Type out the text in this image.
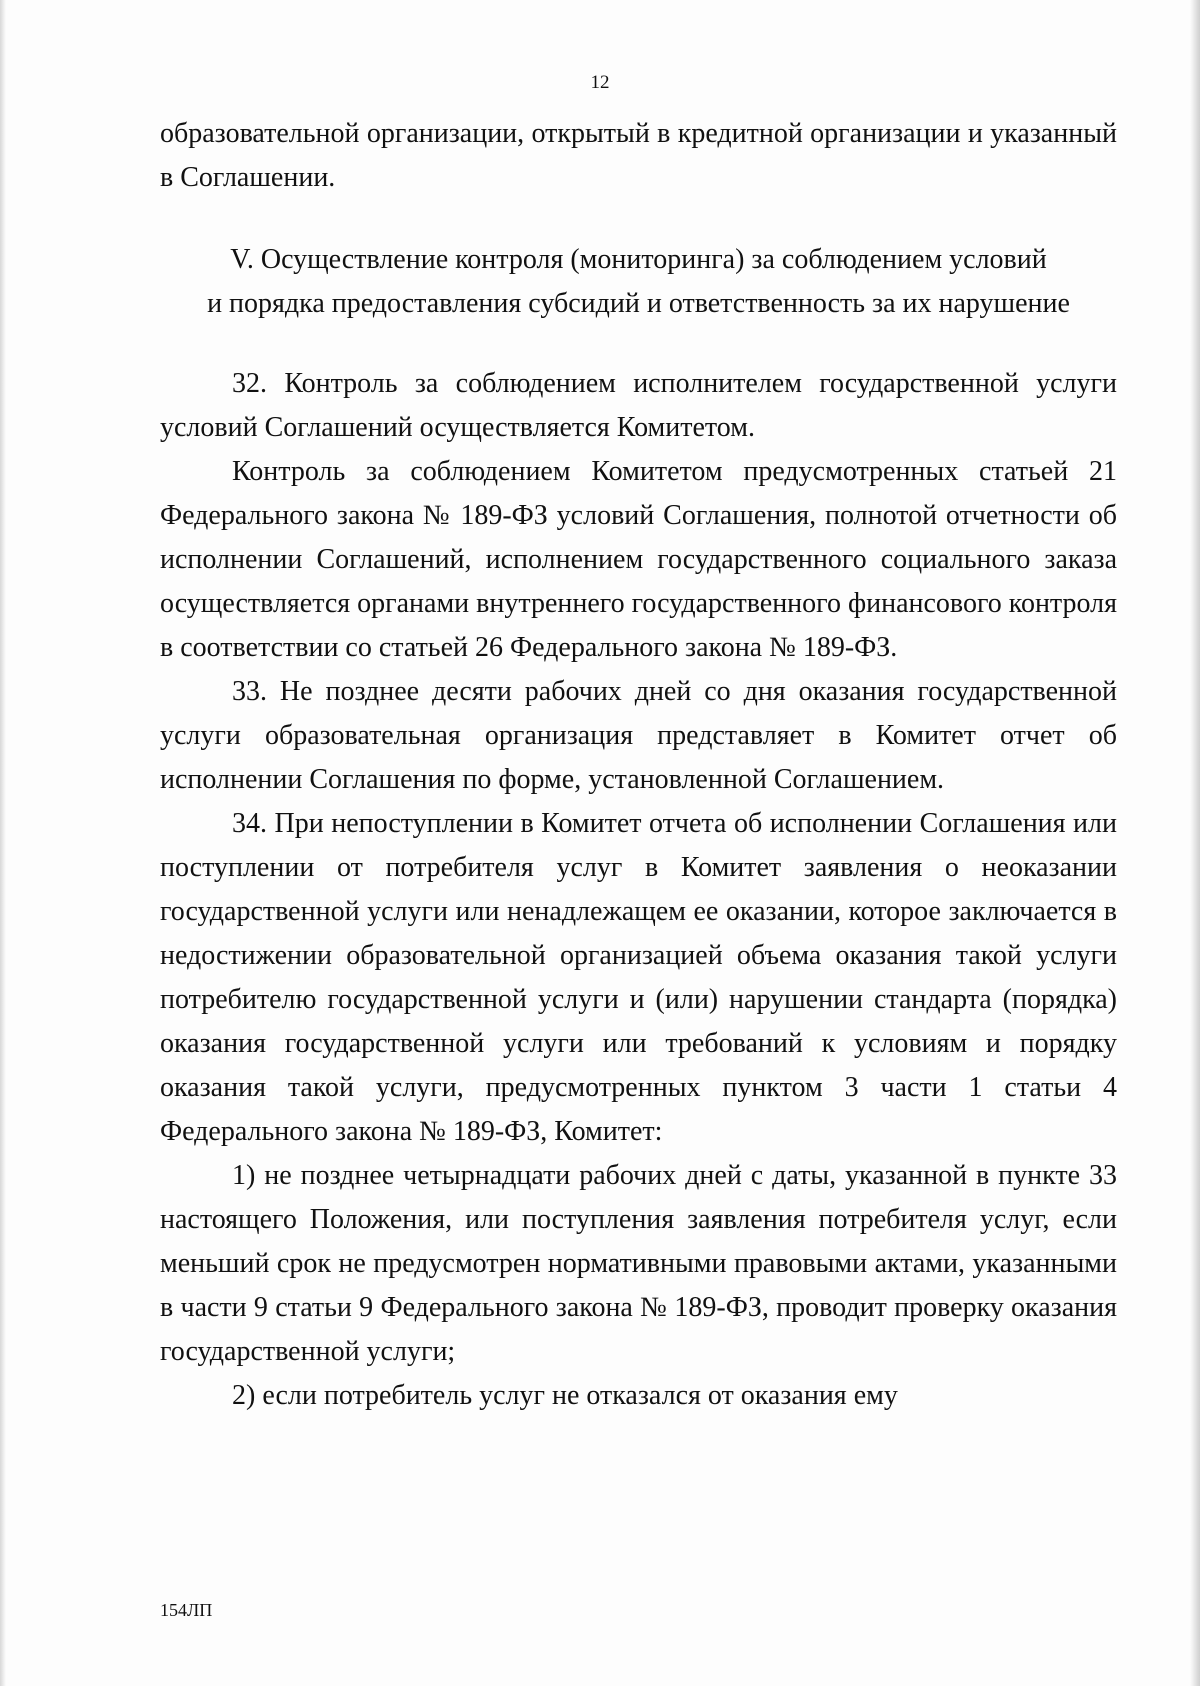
12

образовательной организации, открытый в кредитной организации и указанный в Соглашении.

V. Осуществление контроля (мониторинга) за соблюдением условий
и порядка предоставления субсидий и ответственность за их нарушение

32. Контроль за соблюдением исполнителем государственной услуги условий Соглашений осуществляется Комитетом.

Контроль за соблюдением Комитетом предусмотренных статьей 21 Федерального закона № 189-ФЗ условий Соглашения, полнотой отчетности об исполнении Соглашений, исполнением государственного социального заказа осуществляется органами внутреннего государственного финансового контроля в соответствии со статьей 26 Федерального закона № 189-ФЗ.

33. Не позднее десяти рабочих дней со дня оказания государственной услуги образовательная организация представляет в Комитет отчет об исполнении Соглашения по форме, установленной Соглашением.

34. При непоступлении в Комитет отчета об исполнении Соглашения или поступлении от потребителя услуг в Комитет заявления о неоказании государственной услуги или ненадлежащем ее оказании, которое заключается в недостижении образовательной организацией объема оказания такой услуги потребителю государственной услуги и (или) нарушении стандарта (порядка) оказания государственной услуги или требований к условиям и порядку оказания такой услуги, предусмотренных пунктом 3 части 1 статьи 4 Федерального закона № 189-ФЗ, Комитет:

1) не позднее четырнадцати рабочих дней с даты, указанной в пункте 33 настоящего Положения, или поступления заявления потребителя услуг, если меньший срок не предусмотрен нормативными правовыми актами, указанными в части 9 статьи 9 Федерального закона № 189-ФЗ, проводит проверку оказания государственной услуги;

2) если потребитель услуг не отказался от оказания ему

154ЛП
